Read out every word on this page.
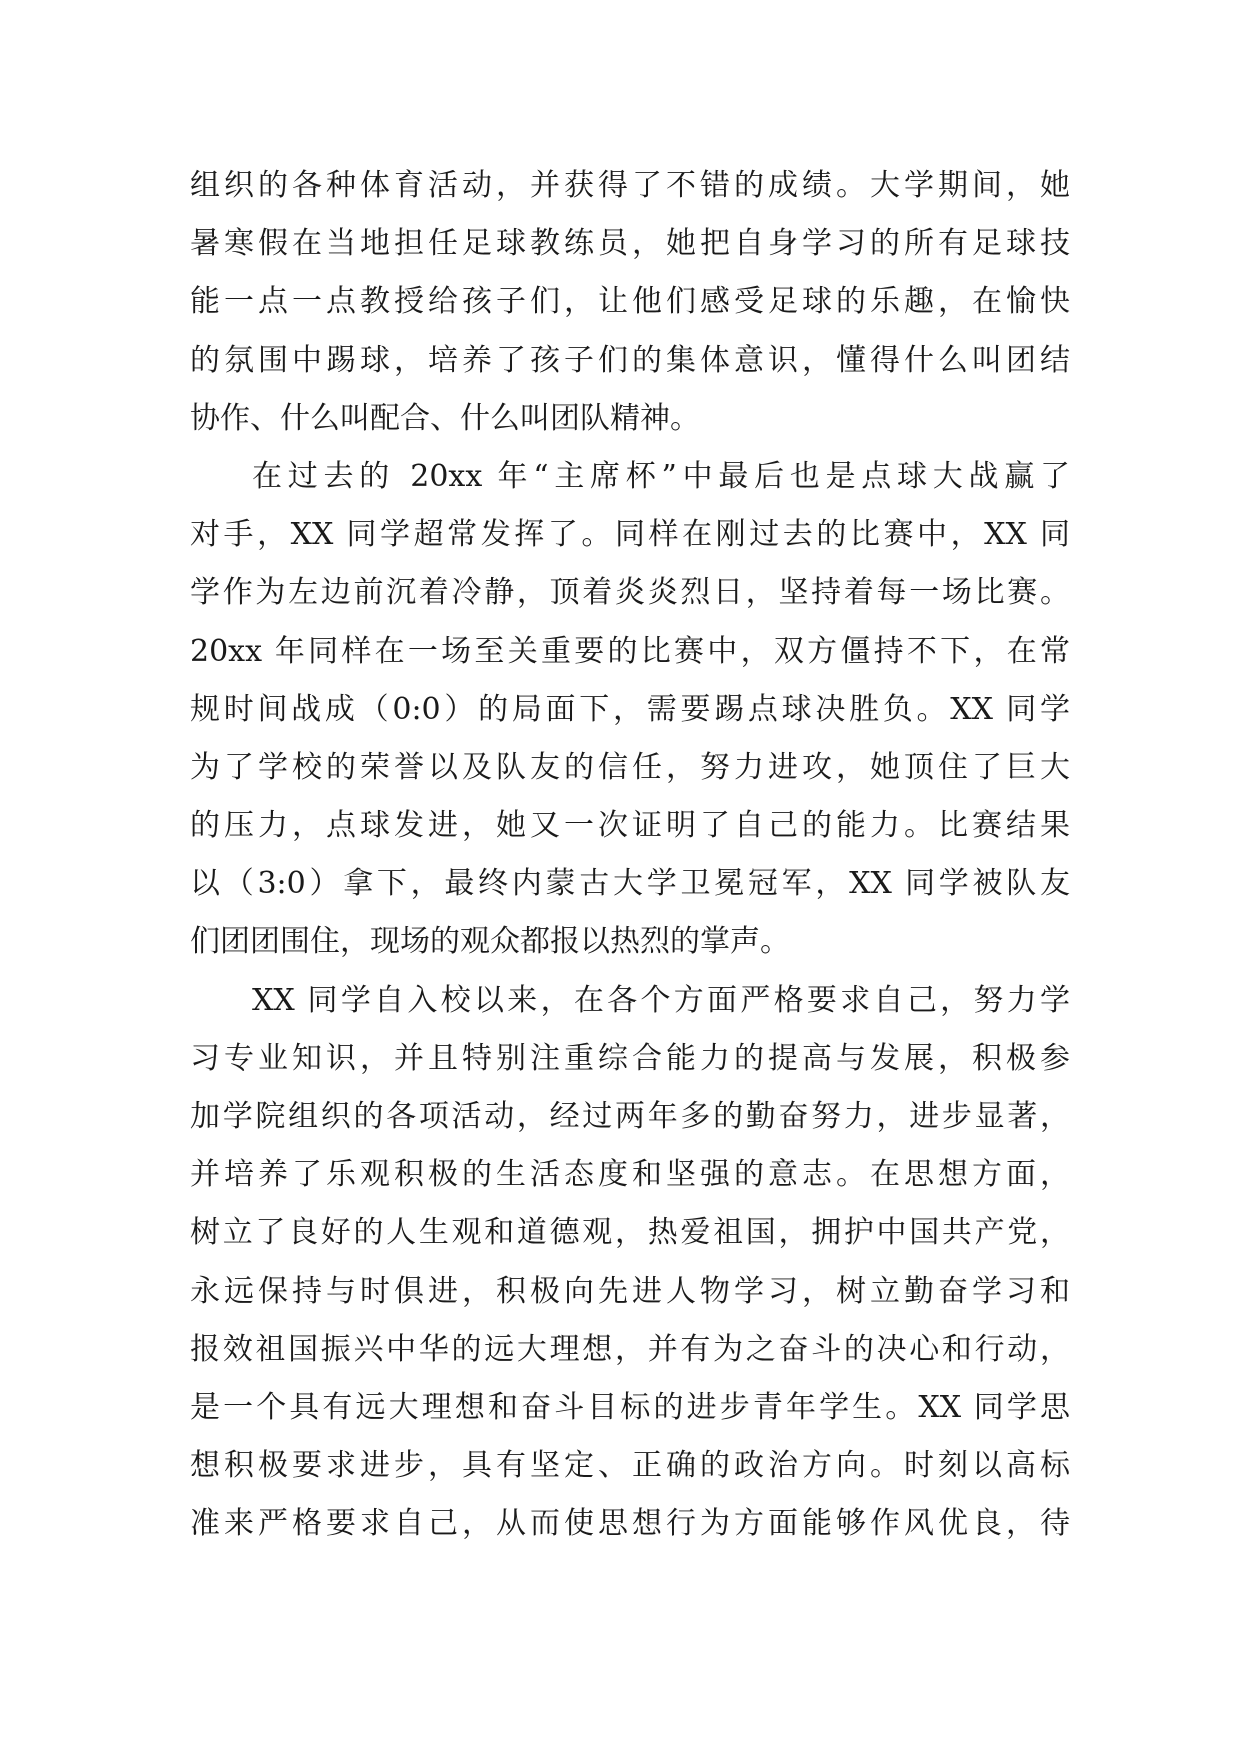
组织的各种体育活动，并获得了不错的成绩。大学期间，她
暑寒假在当地担任足球教练员，她把自身学习的所有足球技
能一点一点教授给孩子们，让他们感受足球的乐趣，在愉快
的氛围中踢球，培养了孩子们的集体意识，懂得什么叫团结
协作、什么叫配合、什么叫团队精神。
在过去的 20xx 年“主席杯”中最后也是点球大战赢了
对手，XX 同学超常发挥了。同样在刚过去的比赛中，XX 同
学作为左边前沉着冷静，顶着炎炎烈日，坚持着每一场比赛。
20xx 年同样在一场至关重要的比赛中，双方僵持不下，在常
规时间战成（0:0）的局面下，需要踢点球决胜负。XX 同学
为了学校的荣誉以及队友的信任，努力进攻，她顶住了巨大
的压力，点球发进，她又一次证明了自己的能力。比赛结果
以（3:0）拿下，最终内蒙古大学卫冕冠军，XX 同学被队友
们团团围住，现场的观众都报以热烈的掌声。
XX 同学自入校以来，在各个方面严格要求自己，努力学
习专业知识，并且特别注重综合能力的提高与发展，积极参
加学院组织的各项活动，经过两年多的勤奋努力，进步显著，
并培养了乐观积极的生活态度和坚强的意志。在思想方面，
树立了良好的人生观和道德观，热爱祖国，拥护中国共产党，
永远保持与时俱进，积极向先进人物学习，树立勤奋学习和
报效祖国振兴中华的远大理想，并有为之奋斗的决心和行动，
是一个具有远大理想和奋斗目标的进步青年学生。XX 同学思
想积极要求进步，具有坚定、正确的政治方向。时刻以高标
准来严格要求自己，从而使思想行为方面能够作风优良，待
